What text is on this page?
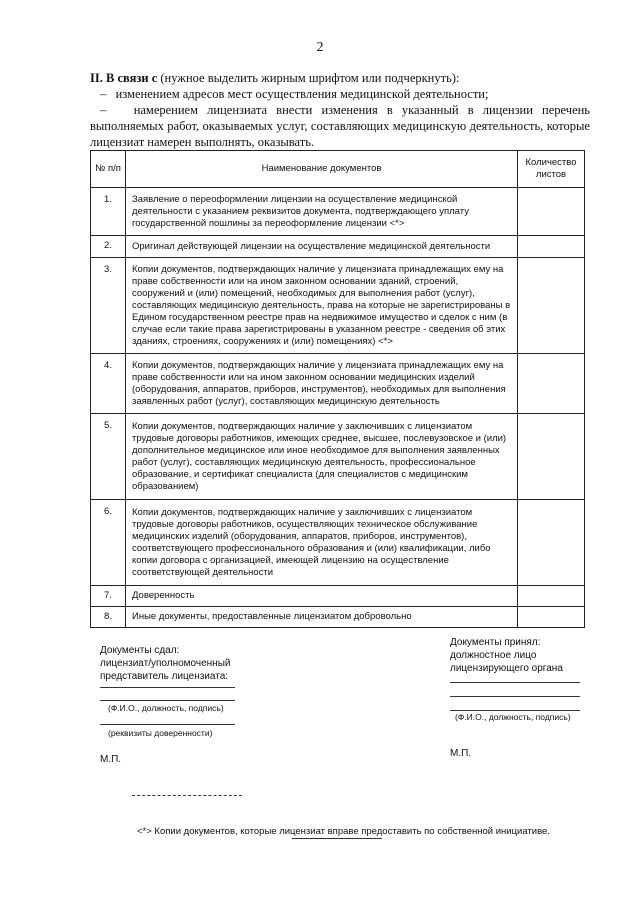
2
II. В связи с (нужное выделить жирным шрифтом или подчеркнуть):
– изменением адресов мест осуществления медицинской деятельности;
– намерением лицензиата внести изменения в указанный в лицензии перечень выполняемых работ, оказываемых услуг, составляющих медицинскую деятельность, которые лицензиат намерен выполнять, оказывать.
№ п/п	Наименование документов	Количество листов
1.	Заявление о переоформлении лицензии на осуществление медицинской деятельности с указанием реквизитов документа, подтверждающего уплату государственной пошлины за переоформление лицензии <*>	
2.	Оригинал действующей лицензии на осуществление медицинской деятельности	
3.	Копии документов, подтверждающих наличие у лицензиата принадлежащих ему на праве собственности или на ином законном основании зданий, строений, сооружений и (или) помещений, необходимых для выполнения работ (услуг), составляющих медицинскую деятельность, права на которые не зарегистрированы в Едином государственном реестре прав на недвижимое имущество и сделок с ним (в случае если такие права зарегистрированы в указанном реестре - сведения об этих зданиях, строениях, сооружениях и (или) помещениях) <*>	
4.	Копии документов, подтверждающих наличие у лицензиата принадлежащих ему на праве собственности или на ином законном основании медицинских изделий (оборудования, аппаратов, приборов, инструментов), необходимых для выполнения заявленных работ (услуг), составляющих медицинскую деятельность	
5.	Копии документов, подтверждающих наличие у заключивших с лицензиатом трудовые договоры работников, имеющих среднее, высшее, послевузовское и (или) дополнительное медицинское или иное необходимое для выполнения заявленных работ (услуг), составляющих медицинскую деятельность, профессиональное образование, и сертификат специалиста (для специалистов с медицинским образованием)	
6.	Копии документов, подтверждающих наличие у заключивших с лицензиатом трудовые договоры работников, осуществляющих техническое обслуживание медицинских изделий (оборудования, аппаратов, приборов, инструментов), соответствующего профессионального образования и (или) квалификации, либо копии договора с организацией, имеющей лицензию на осуществление соответствующей деятельности	
7.	Доверенность	
8.	Иные документы, предоставленные лицензиатом добровольно	
Документы сдал:
лицензиат/уполномоченный
представитель лицензиата:
(Ф.И.О., должность, подпись)
(реквизиты доверенности)
М.П.
Документы принял:
должностное лицо
лицензирующего органа
(Ф.И.О., должность, подпись)
М.П.
<*> Копии документов, которые лицензиат вправе предоставить по собственной инициативе.
